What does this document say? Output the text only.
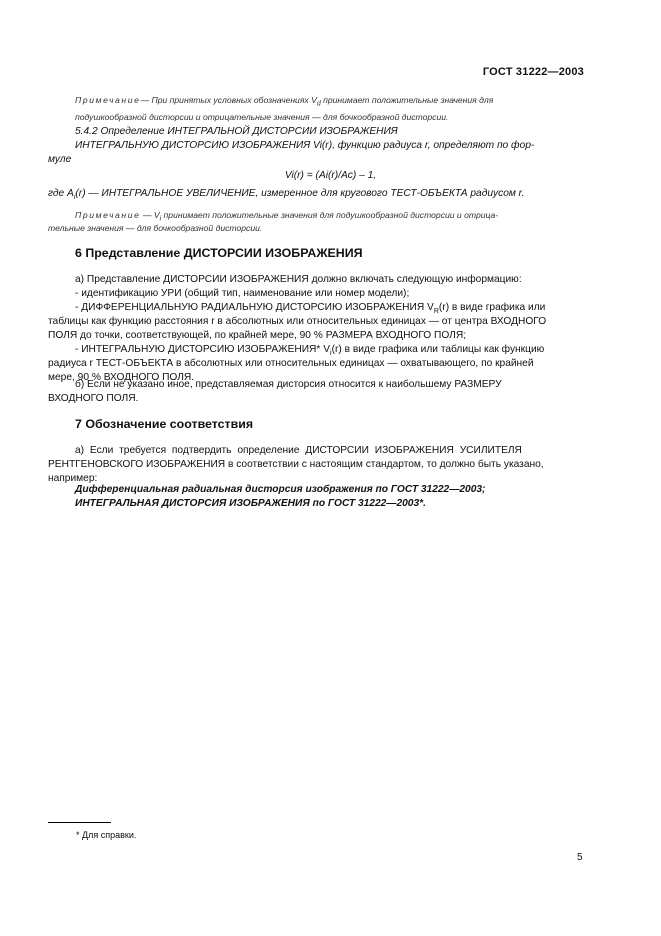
ГОСТ 31222—2003

Примечание— При принятых условных обозначениях $V_d$ принимает положительные значения для

подушкообразной дисторсии и отрицательные значения — для бочкообразной дисторсии.

5.4.2 Определение ИНТЕГРАЛЬНОЙ ДИСТОРСИИ ИЗОБРАЖЕНИЯ

ИНТЕГРАЛЬНУЮ ДИСТОРСИЮ ИЗОБРАЖЕНИЯ Vi(r), функцию радиуса r, определяют по фор-

муле
Vi(r) = (Ai(r)/Ac) – 1,
где $A_i(r)$ — ИНТЕГРАЛЬНОЕ УВЕЛИЧЕНИЕ, измеренное для кругового ТЕСТ-ОБЪЕКТА радиусом r.

Примечание — $V_i$ принимает положительные значения для подушкообразной дисторсии и отрица-

тельные значения — для бочкообразной дисторсии.
6 Представление ДИСТОРСИИ ИЗОБРАЖЕНИЯ

а) Представление ДИСТОРСИИ ИЗОБРАЖЕНИЯ должно включать следующую информацию:

- идентификацию УРИ (общий тип, наименование или номер модели);

- ДИФФЕРЕНЦИАЛЬНУЮ РАДИАЛЬНУЮ ДИСТОРСИЮ ИЗОБРАЖЕНИЯ $V_R(r)$ в виде графика или

таблицы как функцию расстояния r в абсолютных или относительных единицах — от центра ВХОДНОГО

ПОЛЯ до точки, соответствующей, по крайней мере, 90 % РАЗМЕРА ВХОДНОГО ПОЛЯ;

- ИНТЕГРАЛЬНУЮ ДИСТОРСИЮ ИЗОБРАЖЕНИЯ* $V_i(r)$ в виде графика или таблицы как функцию

радиуса r ТЕСТ-ОБЪЕКТА в абсолютных или относительных единицах — охватывающего, по крайней

мере, 90 % ВХОДНОГО ПОЛЯ.

б) Если не указано иное, представляемая дисторсия относится к наибольшему РАЗМЕРУ
ВХОДНОГО ПОЛЯ.
7 Обозначение соответствия
а) Если требуется подтвердить определение ДИСТОРСИИ ИЗОБРАЖЕНИЯ УСИЛИТЕЛЯ

РЕНТГЕНОВСКОГО ИЗОБРАЖЕНИЯ в соответствии с настоящим стандартом, то должно быть указано,

например:

Дифференциальная радиальная дисторсия изображения по ГОСТ 31222—2003;

ИНТЕГРАЛЬНАЯ ДИСТОРСИЯ ИЗОБРАЖЕНИЯ по ГОСТ 31222—2003*.

* Для справки.
5
